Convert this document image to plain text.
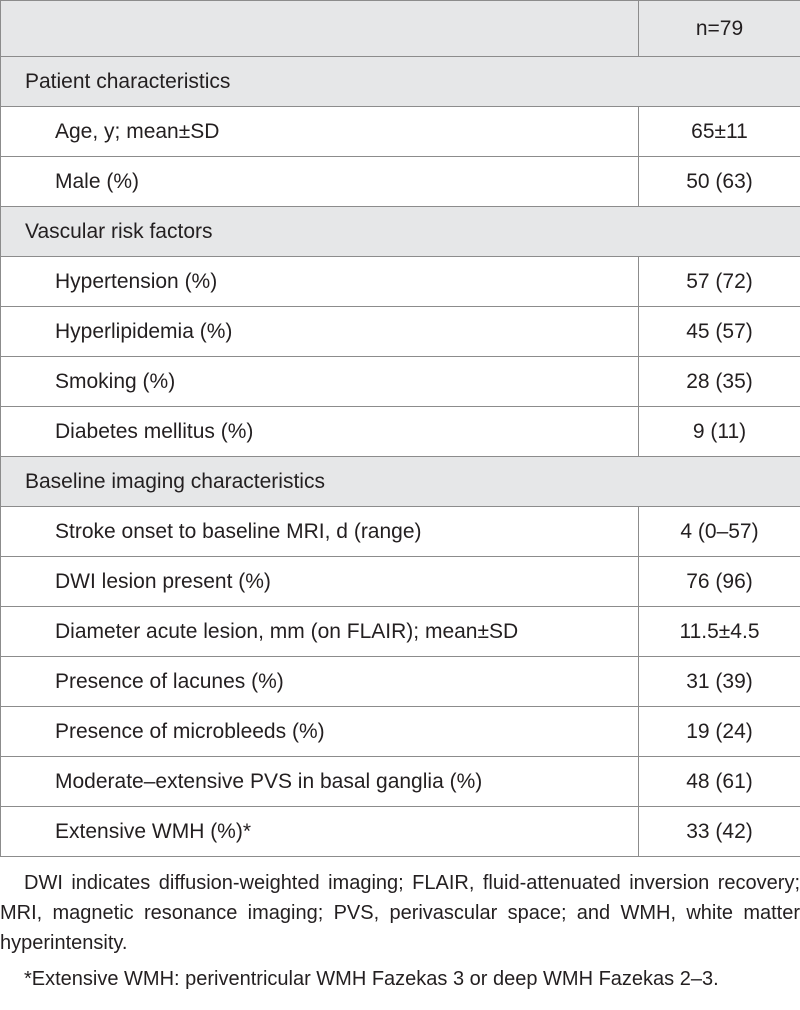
	n=79
Patient characteristics	
Age, y; mean±SD	65±11
Male (%)	50 (63)
Vascular risk factors	
Hypertension (%)	57 (72)
Hyperlipidemia (%)	45 (57)
Smoking (%)	28 (35)
Diabetes mellitus (%)	9 (11)
Baseline imaging characteristics	
Stroke onset to baseline MRI, d (range)	4 (0–57)
DWI lesion present (%)	76 (96)
Diameter acute lesion, mm (on FLAIR); mean±SD	11.5±4.5
Presence of lacunes (%)	31 (39)
Presence of microbleeds (%)	19 (24)
Moderate–extensive PVS in basal ganglia (%)	48 (61)
Extensive WMH (%)*	33 (42)

DWI indicates diffusion-weighted imaging; FLAIR, fluid-attenuated inversion recovery; MRI, magnetic resonance imaging; PVS, perivascular space; and WMH, white matter hyperintensity.

*Extensive WMH: periventricular WMH Fazekas 3 or deep WMH Fazekas 2–3.
